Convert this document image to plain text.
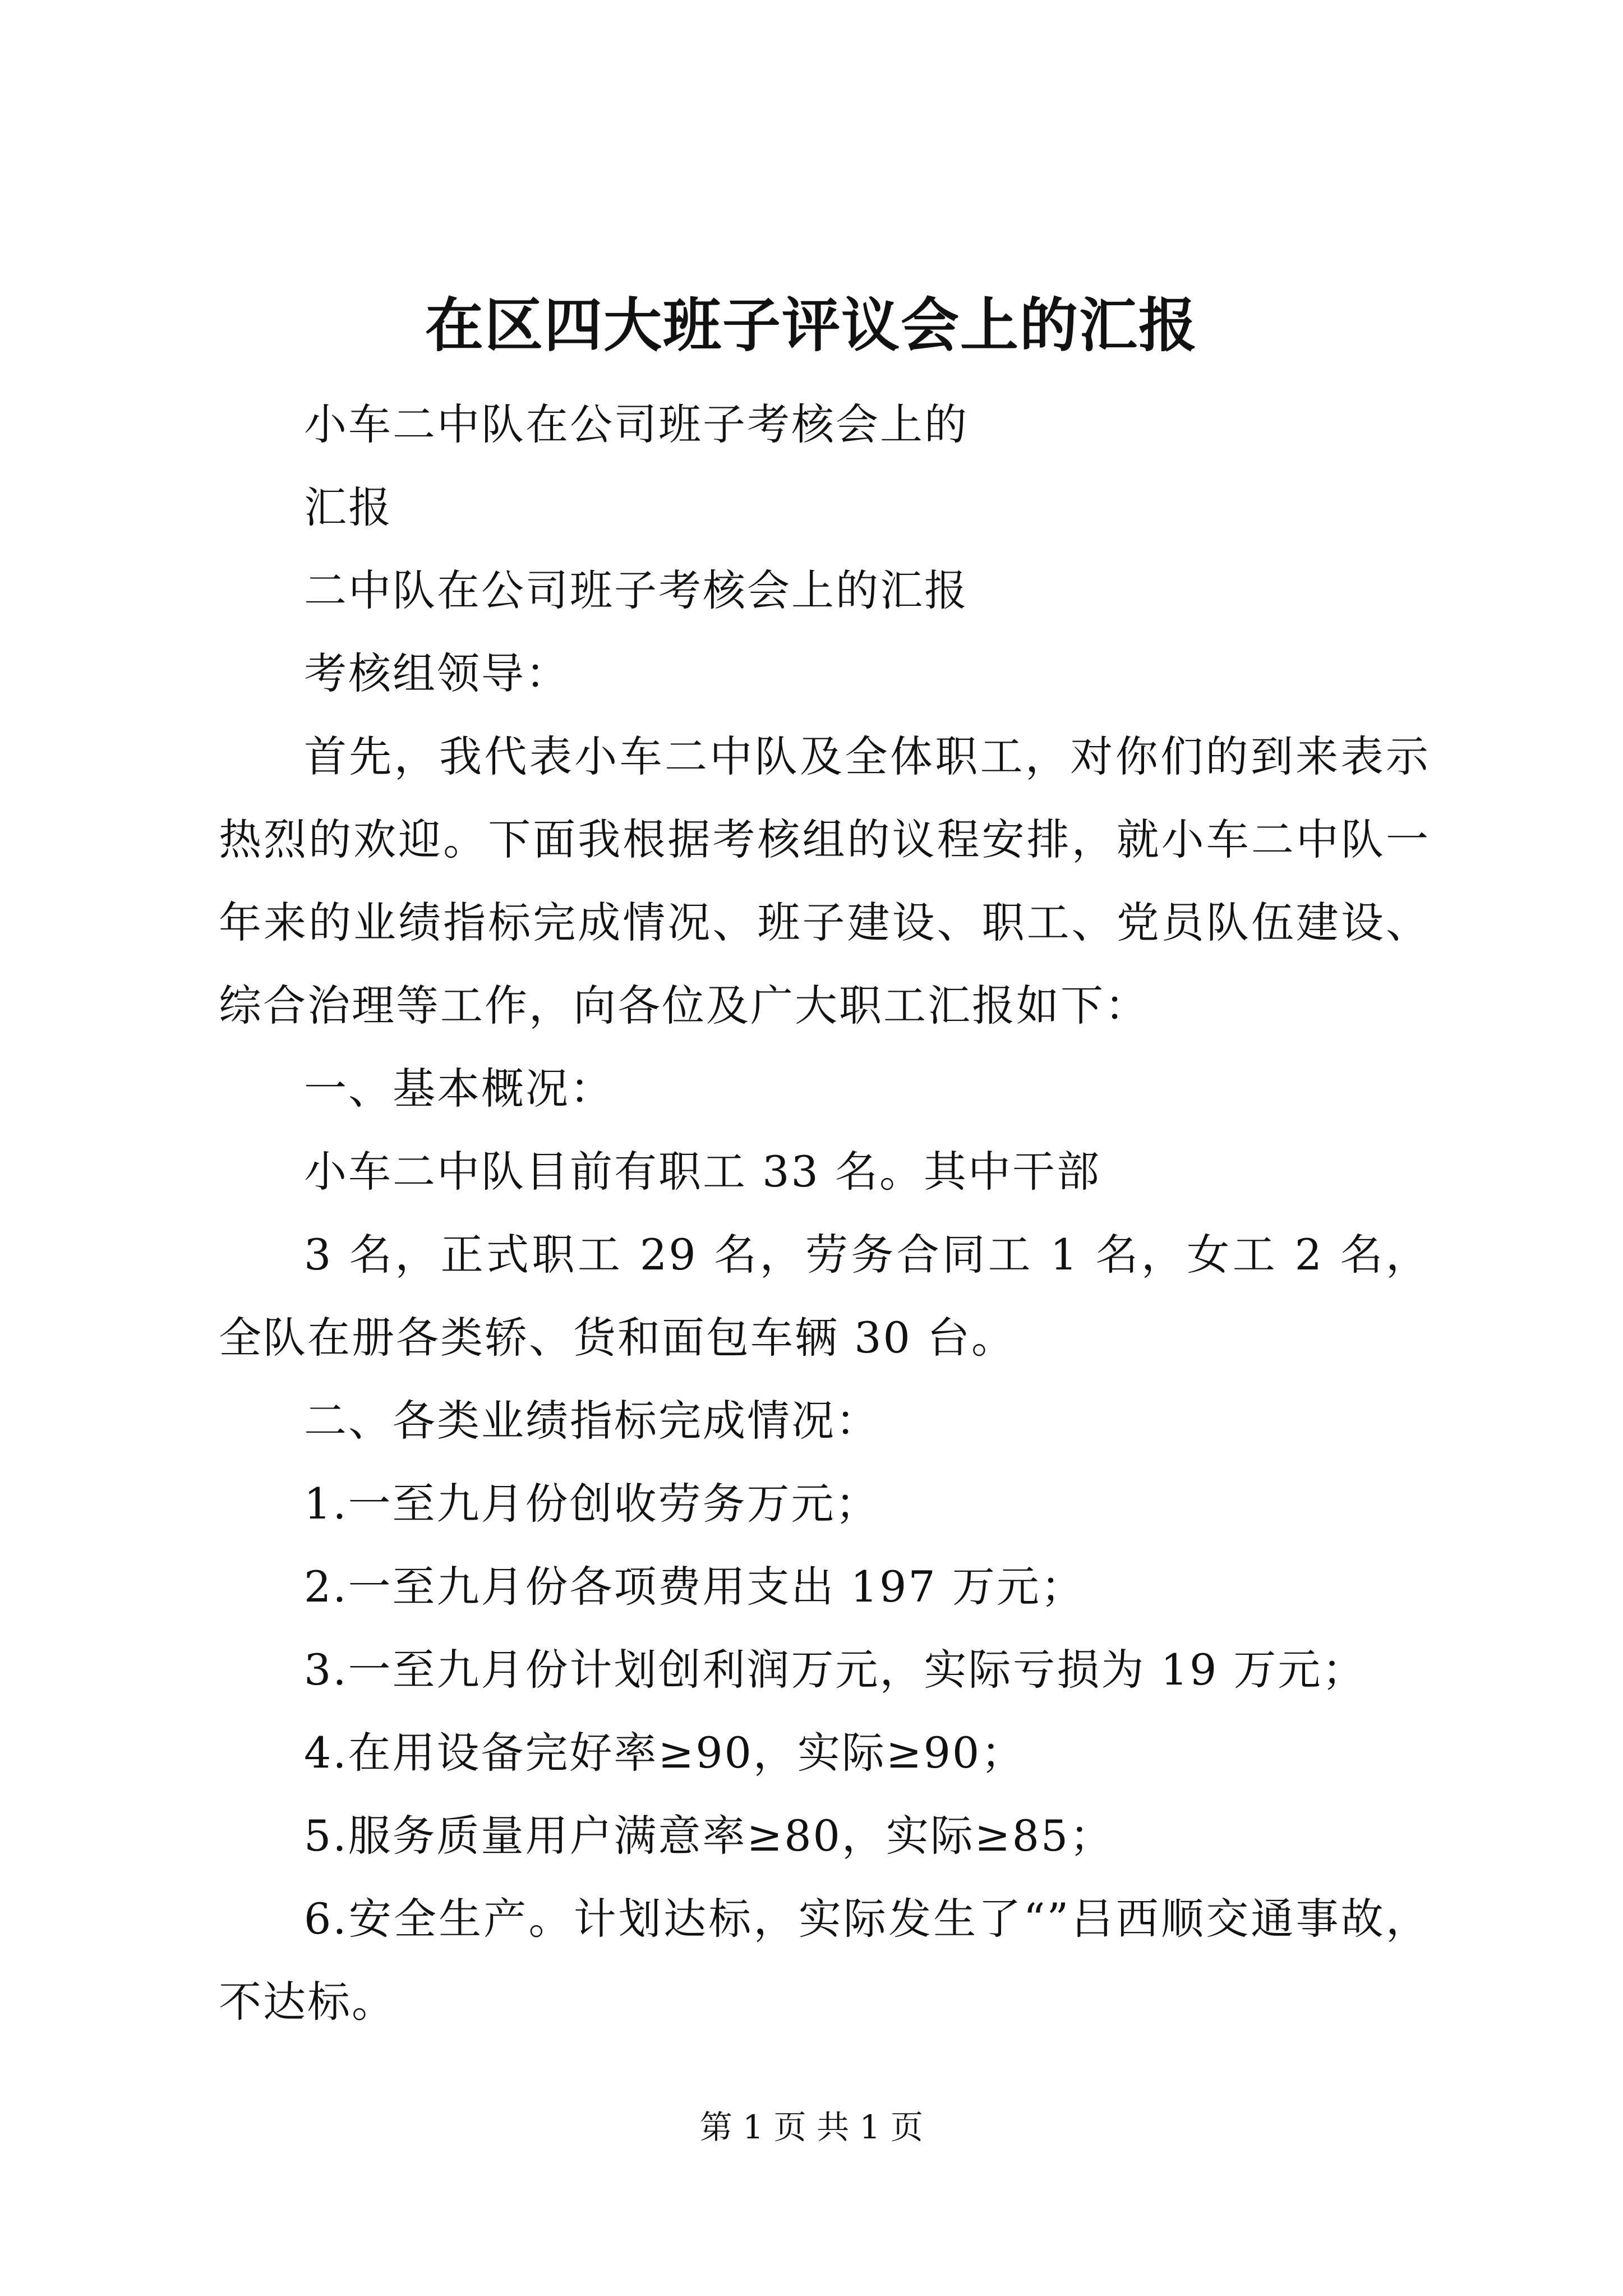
在区四大班子评议会上的汇报

小车二中队在公司班子考核会上的

汇报

二中队在公司班子考核会上的汇报

考核组领导：

首先，我代表小车二中队及全体职工，对你们的到来表示热烈的欢迎。下面我根据考核组的议程安排，就小车二中队一年来的业绩指标完成情况、班子建设、职工、党员队伍建设、综合治理等工作，向各位及广大职工汇报如下：

一、基本概况：

小车二中队目前有职工 33 名。其中干部

3 名，正式职工 29 名，劳务合同工 1 名，女工 2 名，全队在册各类轿、货和面包车辆 30 台。

二、各类业绩指标完成情况：

1.一至九月份创收劳务万元；

2.一至九月份各项费用支出 197 万元；

3.一至九月份计划创利润万元，实际亏损为 19 万元；

4.在用设备完好率≥90，实际≥90；

5.服务质量用户满意率≥80，实际≥85；

6.安全生产。计划达标，实际发生了“”吕西顺交通事故，不达标。

第 1 页 共 1 页
